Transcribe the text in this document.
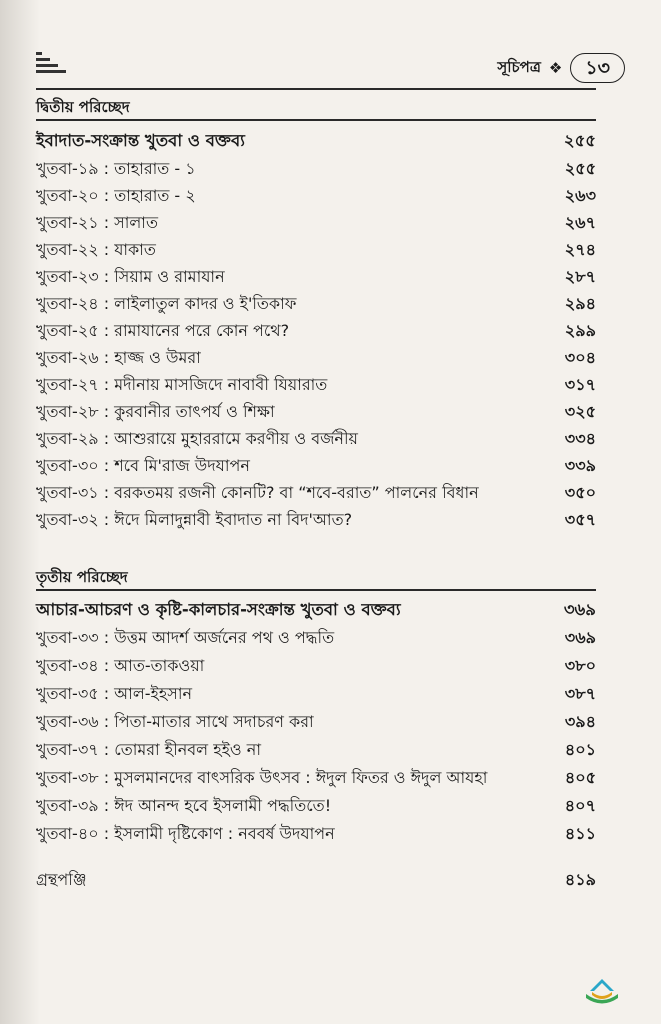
সূচিপত্র ❖	১৩
দ্বিতীয় পরিচ্ছেদ
ইবাদাত-সংক্রান্ত খুতবা ও বক্তব্য	২৫৫
খুতবা-১৯ : তাহারাত - ১	২৫৫
খুতবা-২০ : তাহারাত - ২	২৬৩
খুতবা-২১ : সালাত	২৬৭
খুতবা-২২ : যাকাত	২৭৪
খুতবা-২৩ : সিয়াম ও রামাযান	২৮৭
খুতবা-২৪ : লাইলাতুল কাদর ও ই'তিকাফ	২৯৪
খুতবা-২৫ : রামাযানের পরে কোন পথে?	২৯৯
খুতবা-২৬ : হাজ্জ ও উমরা	৩০৪
খুতবা-২৭ : মদীনায় মাসজিদে নাবাবী যিয়ারাত	৩১৭
খুতবা-২৮ : কুরবানীর তাৎপর্য ও শিক্ষা	৩২৫
খুতবা-২৯ : আশুরায়ে মুহাররামে করণীয় ও বর্জনীয়	৩৩৪
খুতবা-৩০ : শবে মি'রাজ উদযাপন	৩৩৯
খুতবা-৩১ : বরকতময় রজনী কোনটি? বা “শবে-বরাত” পালনের বিধান	৩৫০
খুতবা-৩২ : ঈদে মিলাদুন্নাবী ইবাদাত না বিদ'আত?	৩৫৭
তৃতীয় পরিচ্ছেদ
আচার-আচরণ ও কৃষ্টি-কালচার-সংক্রান্ত খুতবা ও বক্তব্য	৩৬৯
খুতবা-৩৩ : উত্তম আদর্শ অর্জনের পথ ও পদ্ধতি	৩৬৯
খুতবা-৩৪ : আত-তাকওয়া	৩৮০
খুতবা-৩৫ : আল-ইহসান	৩৮৭
খুতবা-৩৬ : পিতা-মাতার সাথে সদাচরণ করা	৩৯৪
খুতবা-৩৭ : তোমরা হীনবল হইও না	৪০১
খুতবা-৩৮ : মুসলমানদের বাৎসরিক উৎসব : ঈদুল ফিতর ও ঈদুল আযহা	৪০৫
খুতবা-৩৯ : ঈদ আনন্দ হবে ইসলামী পদ্ধতিতে!	৪০৭
খুতবা-৪০ : ইসলামী দৃষ্টিকোণ : নববর্ষ উদযাপন	৪১১
গ্রন্থপঞ্জি	৪১৯
